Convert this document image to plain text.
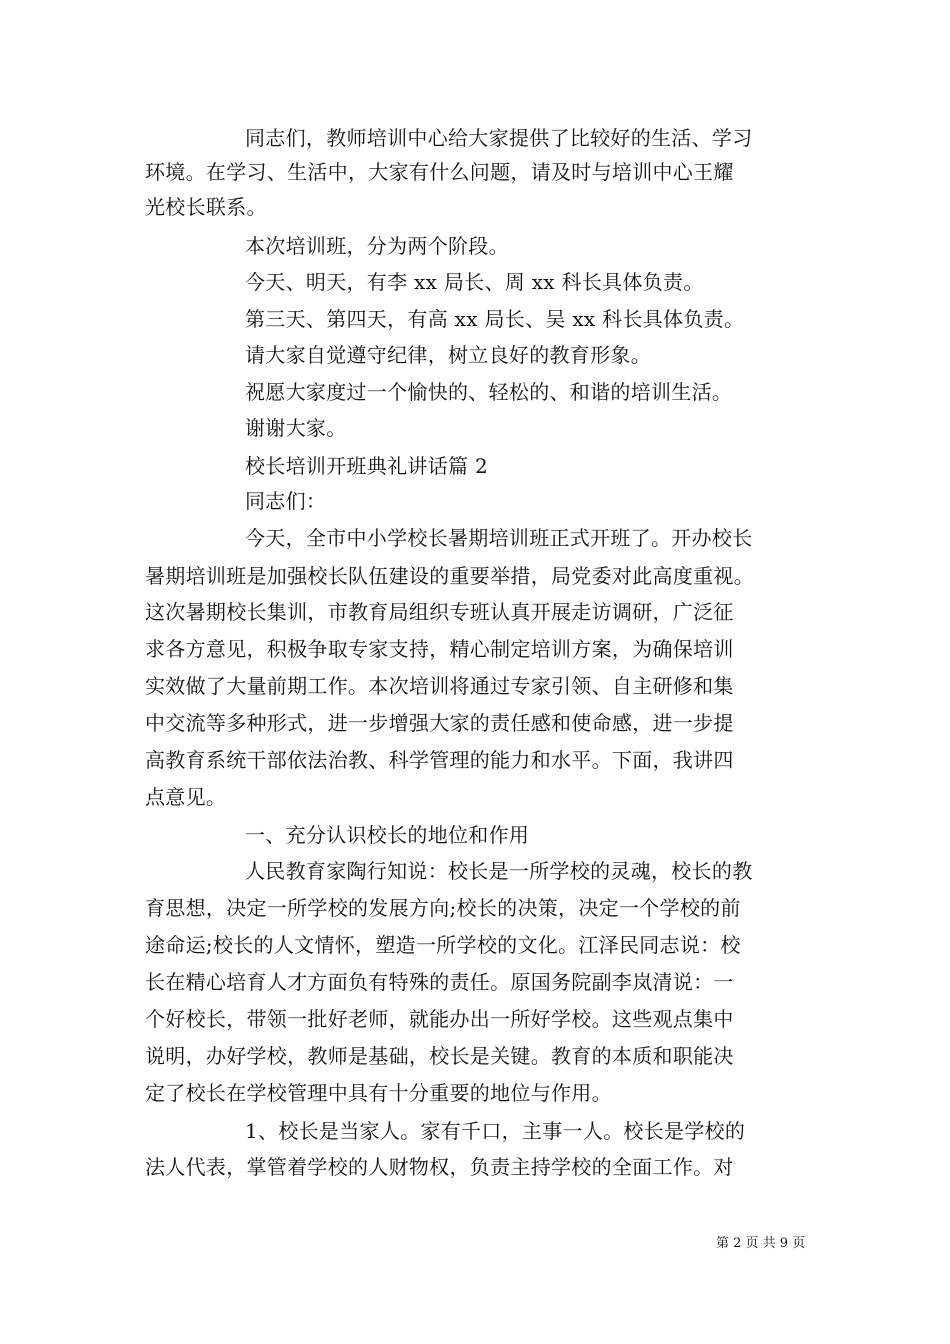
同志们，教师培训中心给大家提供了比较好的生活、学习
环境。在学习、生活中，大家有什么问题，请及时与培训中心王耀
光校长联系。
本次培训班，分为两个阶段。
今天、明天，有李 xx 局长、周 xx 科长具体负责。
第三天、第四天，有高 xx 局长、吴 xx 科长具体负责。
请大家自觉遵守纪律，树立良好的教育形象。
祝愿大家度过一个愉快的、轻松的、和谐的培训生活。
谢谢大家。
校长培训开班典礼讲话篇 2
同志们：
今天，全市中小学校长暑期培训班正式开班了。开办校长
暑期培训班是加强校长队伍建设的重要举措，局党委对此高度重视。
这次暑期校长集训，市教育局组织专班认真开展走访调研，广泛征
求各方意见，积极争取专家支持，精心制定培训方案，为确保培训
实效做了大量前期工作。本次培训将通过专家引领、自主研修和集
中交流等多种形式，进一步增强大家的责任感和使命感，进一步提
高教育系统干部依法治教、科学管理的能力和水平。下面，我讲四
点意见。
一、充分认识校长的地位和作用
人民教育家陶行知说：校长是一所学校的灵魂，校长的教
育思想，决定一所学校的发展方向;校长的决策，决定一个学校的前
途命运;校长的人文情怀，塑造一所学校的文化。江泽民同志说：校
长在精心培育人才方面负有特殊的责任。原国务院副李岚清说：一
个好校长，带领一批好老师，就能办出一所好学校。这些观点集中
说明，办好学校，教师是基础，校长是关键。教育的本质和职能决
定了校长在学校管理中具有十分重要的地位与作用。
1、校长是当家人。家有千口，主事一人。校长是学校的
法人代表，掌管着学校的人财物权，负责主持学校的全面工作。对
第 2 页 共 9 页
